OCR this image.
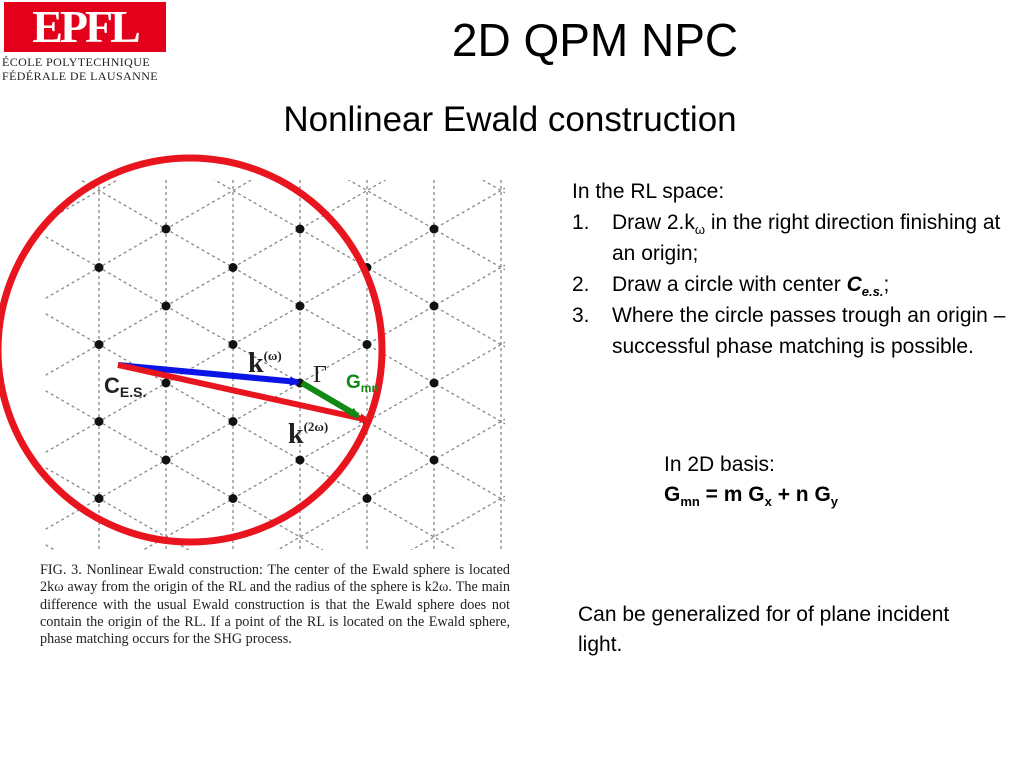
EPFL
ÉCOLE POLYTECHNIQUE
FÉDÉRALE DE LAUSANNE
2D QPM NPC
Nonlinear Ewald construction
CE.S.
$k^{(\omega)}$
$k^{(2\omega)}$
Γ $G_{mn}$
FIG. 3. Nonlinear Ewald construction: The center of the Ewald sphere is located 2kω away from the origin of the RL and the radius of the sphere is k2ω. The main difference with the usual Ewald construction is that the Ewald sphere does not contain the origin of the RL. If a point of the RL is located on the Ewald sphere, phase matching occurs for the SHG process.
In the RL space:
1. Draw $2.k_\omega$ in the right direction finishing at an origin;
2. Draw a circle with center $C_{e.s.}$;
3. Where the circle passes trough an origin – successful phase matching is possible.
In 2D basis:
$G_{mn} = m$ $G_x + n$ $G_y$
Can be generalized for of plane incident light.
